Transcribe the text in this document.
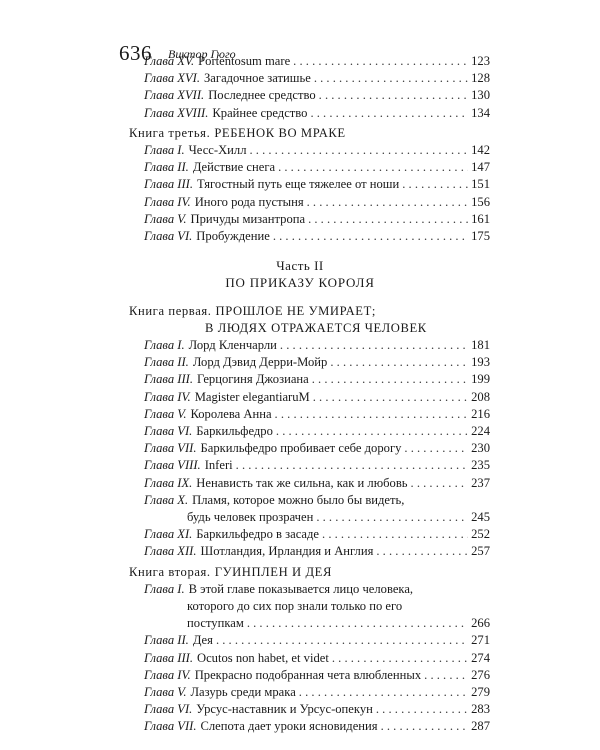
636 Виктор Гюго
Глава XV. Portentosum mare . . .	123
Глава XVI. Загадочное затишье . . .	128
Глава XVII. Последнее средство . . .	130
Глава XVIII. Крайнее средство . . .	134
Книга третья. РЕБЕНОК ВО МРАКЕ
Глава I. Чесс-Хилл . . .	142
Глава II. Действие снега . . .	147
Глава III. Тягостный путь еще тяжелее от ноши . . .	151
Глава IV. Иного рода пустыня . . .	156
Глава V. Причуды мизантропа . . .	161
Глава VI. Пробуждение . . .	175
Часть II
ПО ПРИКАЗУ КОРОЛЯ
Книга первая. ПРОШЛОЕ НЕ УМИРАЕТ;
В ЛЮДЯХ ОТРАЖАЕТСЯ ЧЕЛОВЕК
Глава I. Лорд Кленчарли . . .	181
Глава II. Лорд Дэвид Дерри-Мойр . . .	193
Глава III. Герцогиня Джозиана . . .	199
Глава IV. Magister elegantiaruM . . .	208
Глава V. Королева Анна . . .	216
Глава VI. Баркильфедро . . .	224
Глава VII. Баркильфедро пробивает себе дорогу . . .	230
Глава VIII. Inferi . . .	235
Глава IX. Ненависть так же сильна, как и любовь . . .	237
Глава X. Пламя, которое можно было бы видеть,
будь человек прозрачен . . .	245
Глава XI. Баркильфедро в засаде . . .	252
Глава XII. Шотландия, Ирландия и Англия . . .	257
Книга вторая. ГУИНПЛЕН И ДЕЯ
Глава I. В этой главе показывается лицо человека,
которого до сих пор знали только по его
поступкам . . .	266
Глава II. Дея . . .	271
Глава III. Ocutos non habet, et videt . . .	274
Глава IV. Прекрасно подобранная чета влюбленных . . .	276
Глава V. Лазурь среди мрака . . .	279
Глава VI. Урсус-наставник и Урсус-опекун . . .	283
Глава VII. Слепота дает уроки ясновидения . . .	287
